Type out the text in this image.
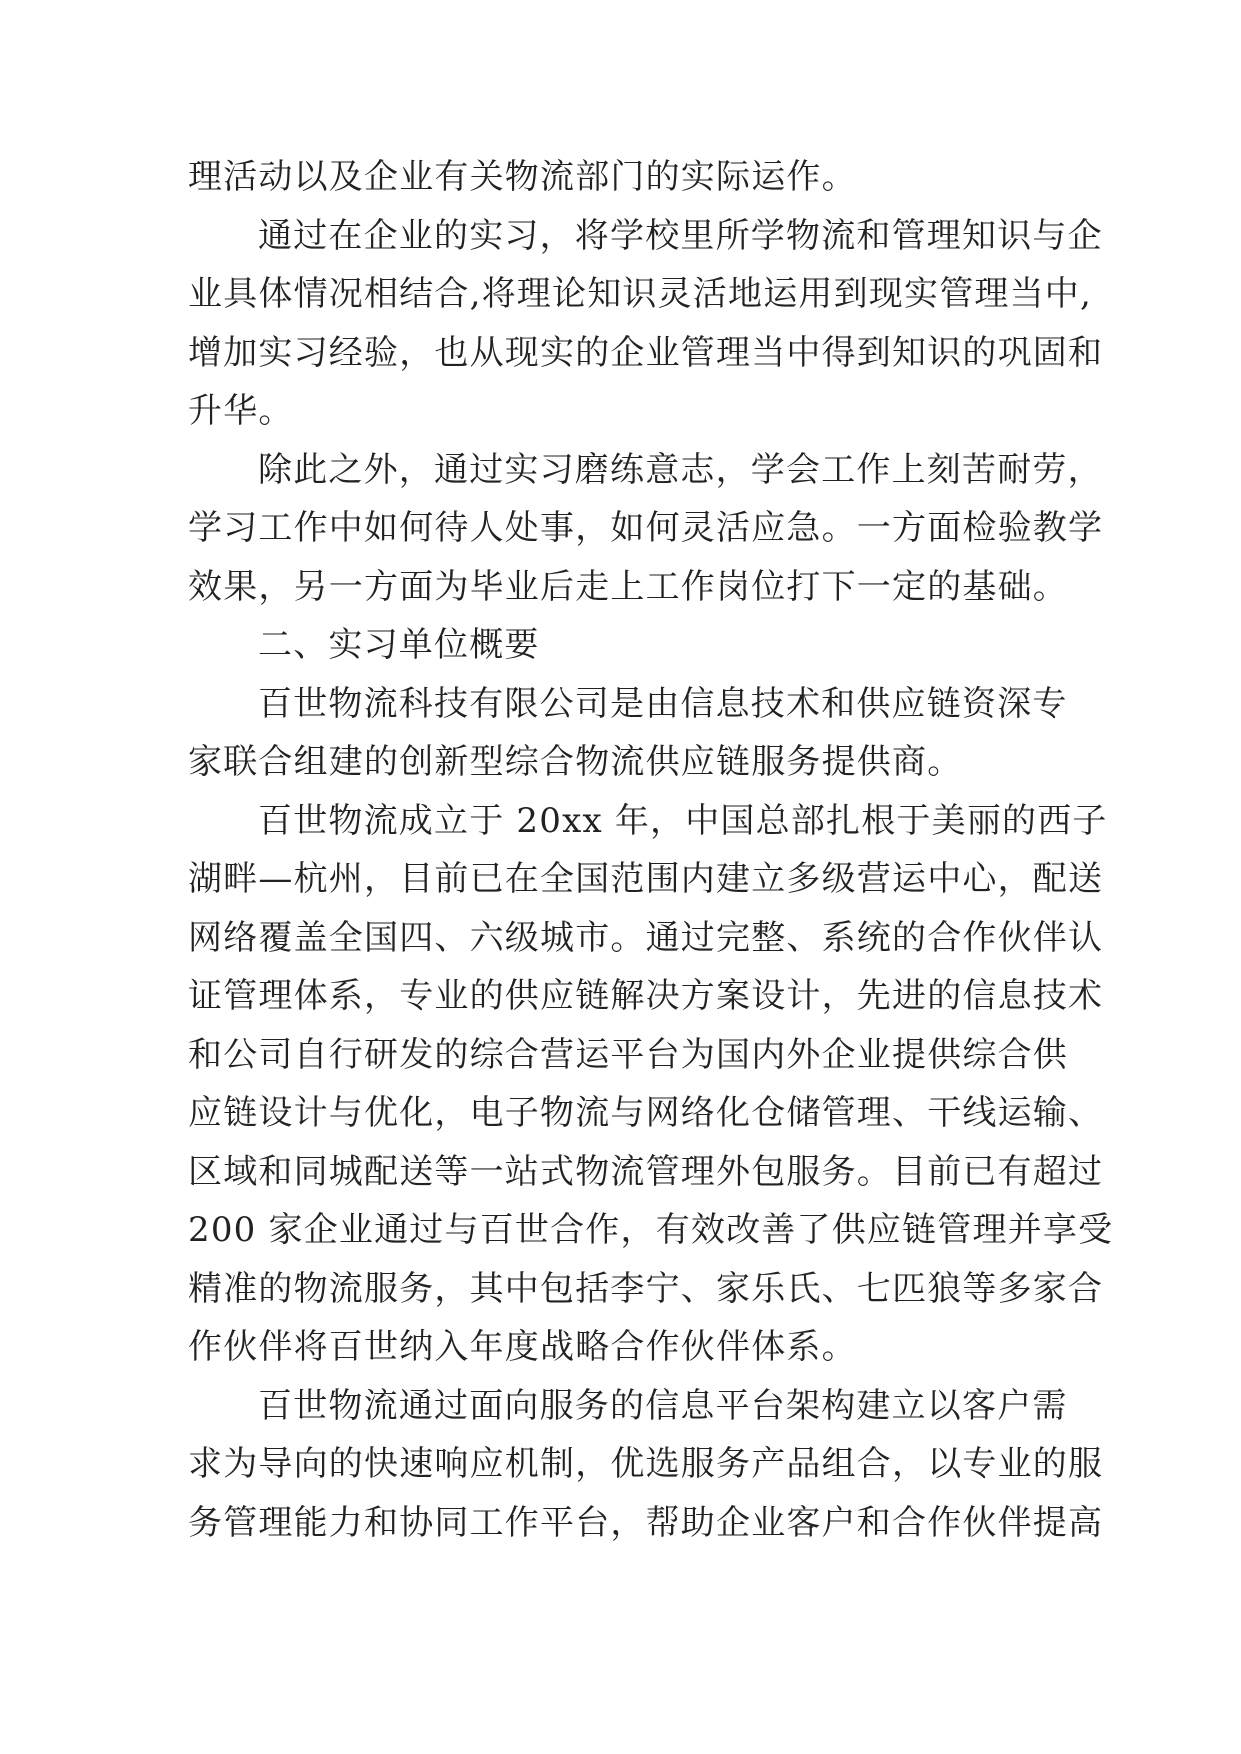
理活动以及企业有关物流部门的实际运作。
通过在企业的实习，将学校里所学物流和管理知识与企
业具体情况相结合,将理论知识灵活地运用到现实管理当中,
增加实习经验，也从现实的企业管理当中得到知识的巩固和
升华。
除此之外，通过实习磨练意志，学会工作上刻苦耐劳，
学习工作中如何待人处事，如何灵活应急。一方面检验教学
效果，另一方面为毕业后走上工作岗位打下一定的基础。
二、实习单位概要
百世物流科技有限公司是由信息技术和供应链资深专
家联合组建的创新型综合物流供应链服务提供商。
百世物流成立于 20xx 年，中国总部扎根于美丽的西子
湖畔—杭州，目前已在全国范围内建立多级营运中心，配送
网络覆盖全国四、六级城市。通过完整、系统的合作伙伴认
证管理体系，专业的供应链解决方案设计，先进的信息技术
和公司自行研发的综合营运平台为国内外企业提供综合供
应链设计与优化，电子物流与网络化仓储管理、干线运输、
区域和同城配送等一站式物流管理外包服务。目前已有超过
200 家企业通过与百世合作，有效改善了供应链管理并享受
精准的物流服务，其中包括李宁、家乐氏、七匹狼等多家合
作伙伴将百世纳入年度战略合作伙伴体系。
百世物流通过面向服务的信息平台架构建立以客户需
求为导向的快速响应机制，优选服务产品组合，以专业的服
务管理能力和协同工作平台，帮助企业客户和合作伙伴提高
